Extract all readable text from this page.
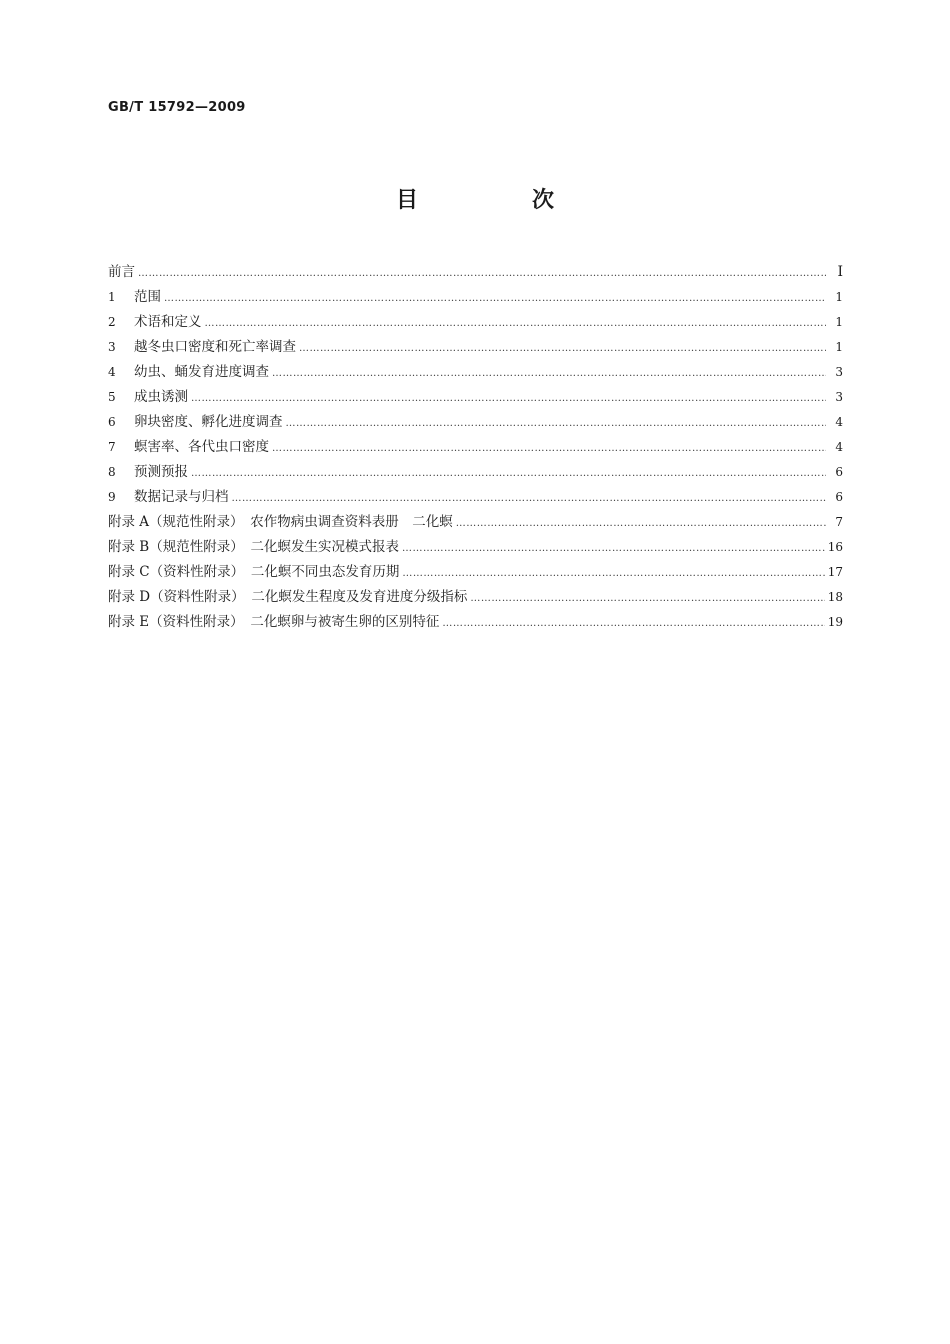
GB/T 15792—2009
目　次
前言 ………………………………………………………………………………………………………………………………………………………………………………………………………………………………	Ⅰ
1	范围 ………………………………………………………………………………………………………………………………………………………………………………………………………………………………	1
2	术语和定义 ………………………………………………………………………………………………………………………………………………………………………………………………………………………………	1
3	越冬虫口密度和死亡率调查 ………………………………………………………………………………………………………………………………………………………………………………………………………………………………	1
4	幼虫、蛹发育进度调查 ………………………………………………………………………………………………………………………………………………………………………………………………………………………………	3
5	成虫诱测 ………………………………………………………………………………………………………………………………………………………………………………………………………………………………	3
6	卵块密度、孵化进度调查 ………………………………………………………………………………………………………………………………………………………………………………………………………………………………	4
7	螟害率、各代虫口密度 ………………………………………………………………………………………………………………………………………………………………………………………………………………………………	4
8	预测预报 ………………………………………………………………………………………………………………………………………………………………………………………………………………………………	6
9	数据记录与归档 ………………………………………………………………………………………………………………………………………………………………………………………………………………………………	6
附录 A（规范性附录）　农作物病虫调查资料表册　二化螟 ………………………………………………………………………………………………………………………………………………………………………………………………………………………………	7
附录 B（规范性附录）　二化螟发生实况模式报表 ………………………………………………………………………………………………………………………………………………………………………………………………………………………………	16
附录 C（资料性附录）　二化螟不同虫态发育历期 ………………………………………………………………………………………………………………………………………………………………………………………………………………………………	17
附录 D（资料性附录）　二化螟发生程度及发育进度分级指标 ………………………………………………………………………………………………………………………………………………………………………………………………………………………………	18
附录 E（资料性附录）　二化螟卵与被寄生卵的区别特征 ………………………………………………………………………………………………………………………………………………………………………………………………………………………………	19
